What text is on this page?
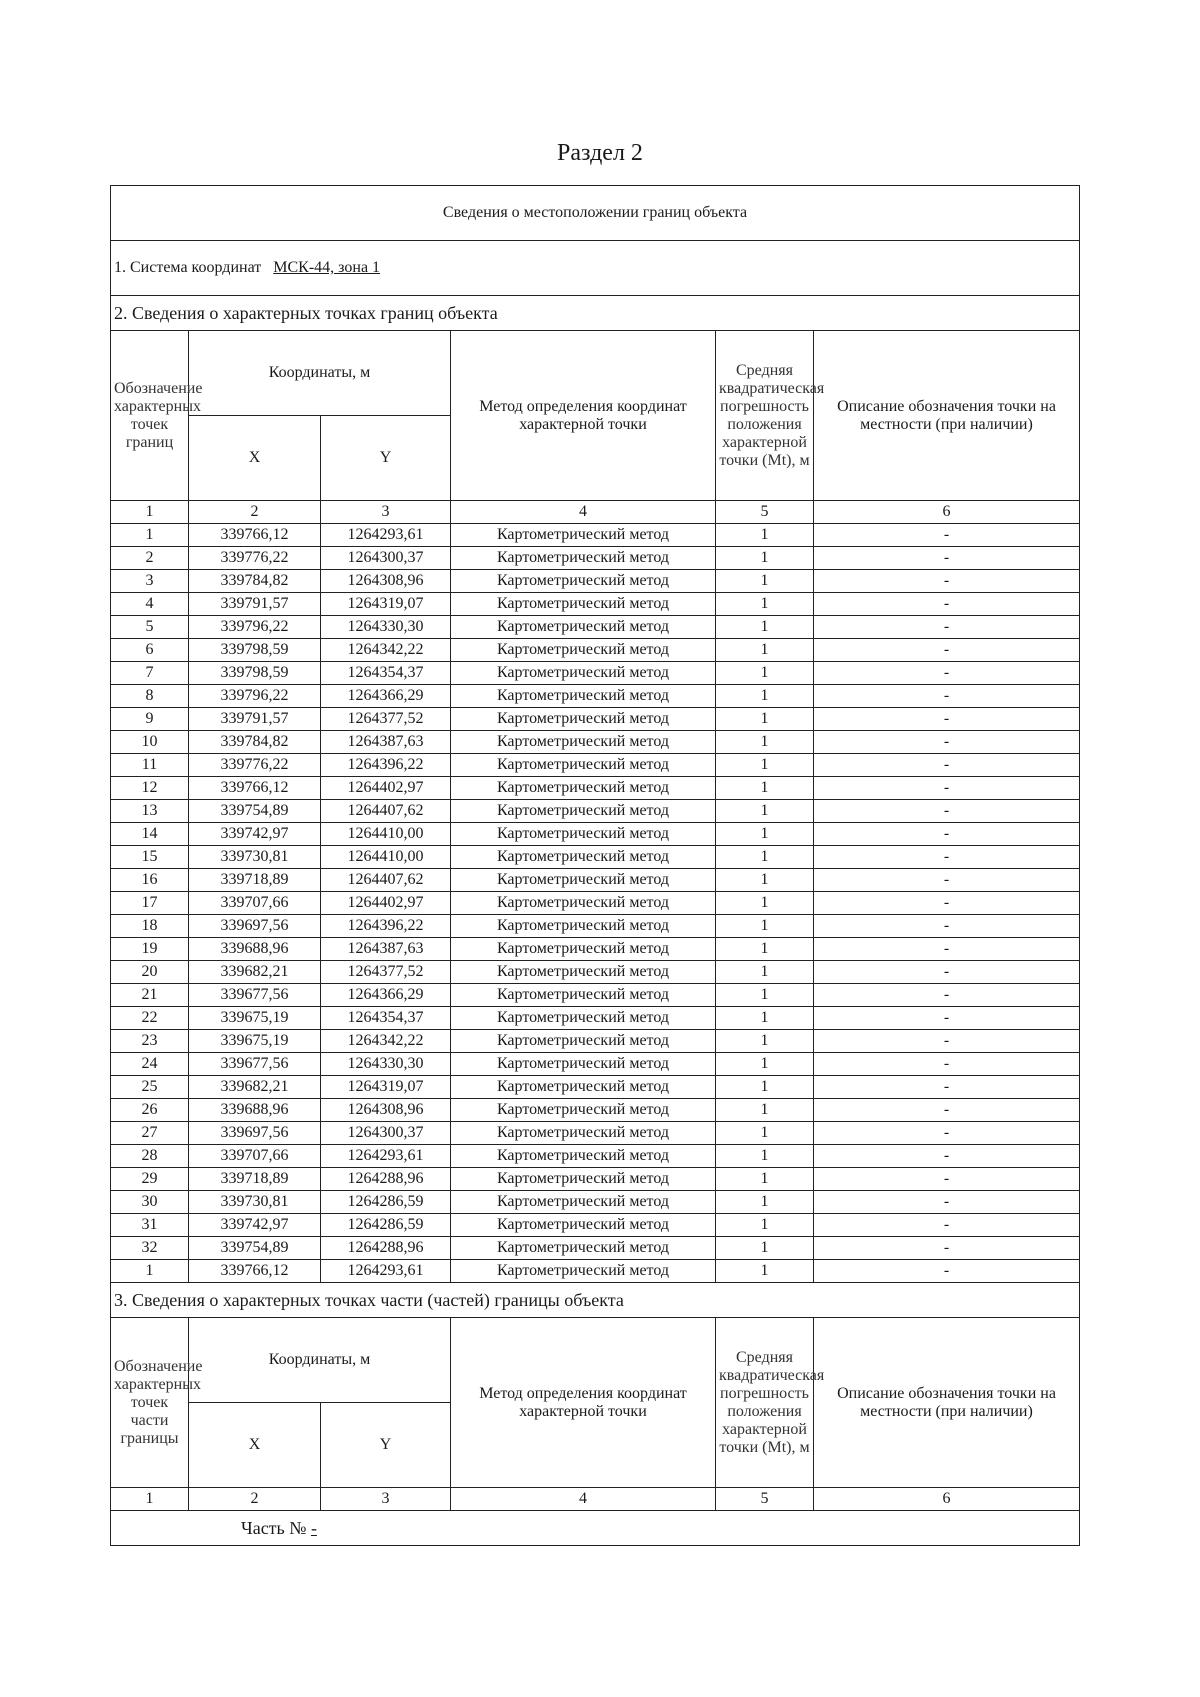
Раздел 2
Сведения о местоположении границ объекта					
1. Система координат МСК-44, зона 1					
2. Сведения о характерных точках границ объекта					
Обозначение характерных точек границ	Координаты, м		Метод определения координат характерной точки	Средняя квадратическая погрешность положения характерной точки (Mt), м	Описание обозначения точки на местности (при наличии)
	X	Y			
1	2	3	4	5	6
1	339766,12	1264293,61	Картометрический метод	1	-
2	339776,22	1264300,37	Картометрический метод	1	-
3	339784,82	1264308,96	Картометрический метод	1	-
4	339791,57	1264319,07	Картометрический метод	1	-
5	339796,22	1264330,30	Картометрический метод	1	-
6	339798,59	1264342,22	Картометрический метод	1	-
7	339798,59	1264354,37	Картометрический метод	1	-
8	339796,22	1264366,29	Картометрический метод	1	-
9	339791,57	1264377,52	Картометрический метод	1	-
10	339784,82	1264387,63	Картометрический метод	1	-
11	339776,22	1264396,22	Картометрический метод	1	-
12	339766,12	1264402,97	Картометрический метод	1	-
13	339754,89	1264407,62	Картометрический метод	1	-
14	339742,97	1264410,00	Картометрический метод	1	-
15	339730,81	1264410,00	Картометрический метод	1	-
16	339718,89	1264407,62	Картометрический метод	1	-
17	339707,66	1264402,97	Картометрический метод	1	-
18	339697,56	1264396,22	Картометрический метод	1	-
19	339688,96	1264387,63	Картометрический метод	1	-
20	339682,21	1264377,52	Картометрический метод	1	-
21	339677,56	1264366,29	Картометрический метод	1	-
22	339675,19	1264354,37	Картометрический метод	1	-
23	339675,19	1264342,22	Картометрический метод	1	-
24	339677,56	1264330,30	Картометрический метод	1	-
25	339682,21	1264319,07	Картометрический метод	1	-
26	339688,96	1264308,96	Картометрический метод	1	-
27	339697,56	1264300,37	Картометрический метод	1	-
28	339707,66	1264293,61	Картометрический метод	1	-
29	339718,89	1264288,96	Картометрический метод	1	-
30	339730,81	1264286,59	Картометрический метод	1	-
31	339742,97	1264286,59	Картометрический метод	1	-
32	339754,89	1264288,96	Картометрический метод	1	-
1	339766,12	1264293,61	Картометрический метод	1	-
3. Сведения о характерных точках части (частей) границы объекта					
Обозначение характерных точек части границы	Координаты, м		Метод определения координат характерной точки	Средняя квадратическая погрешность положения характерной точки (Mt), м	Описание обозначения точки на местности (при наличии)
	X	Y			
1	2	3	4	5	6
Часть № -					
